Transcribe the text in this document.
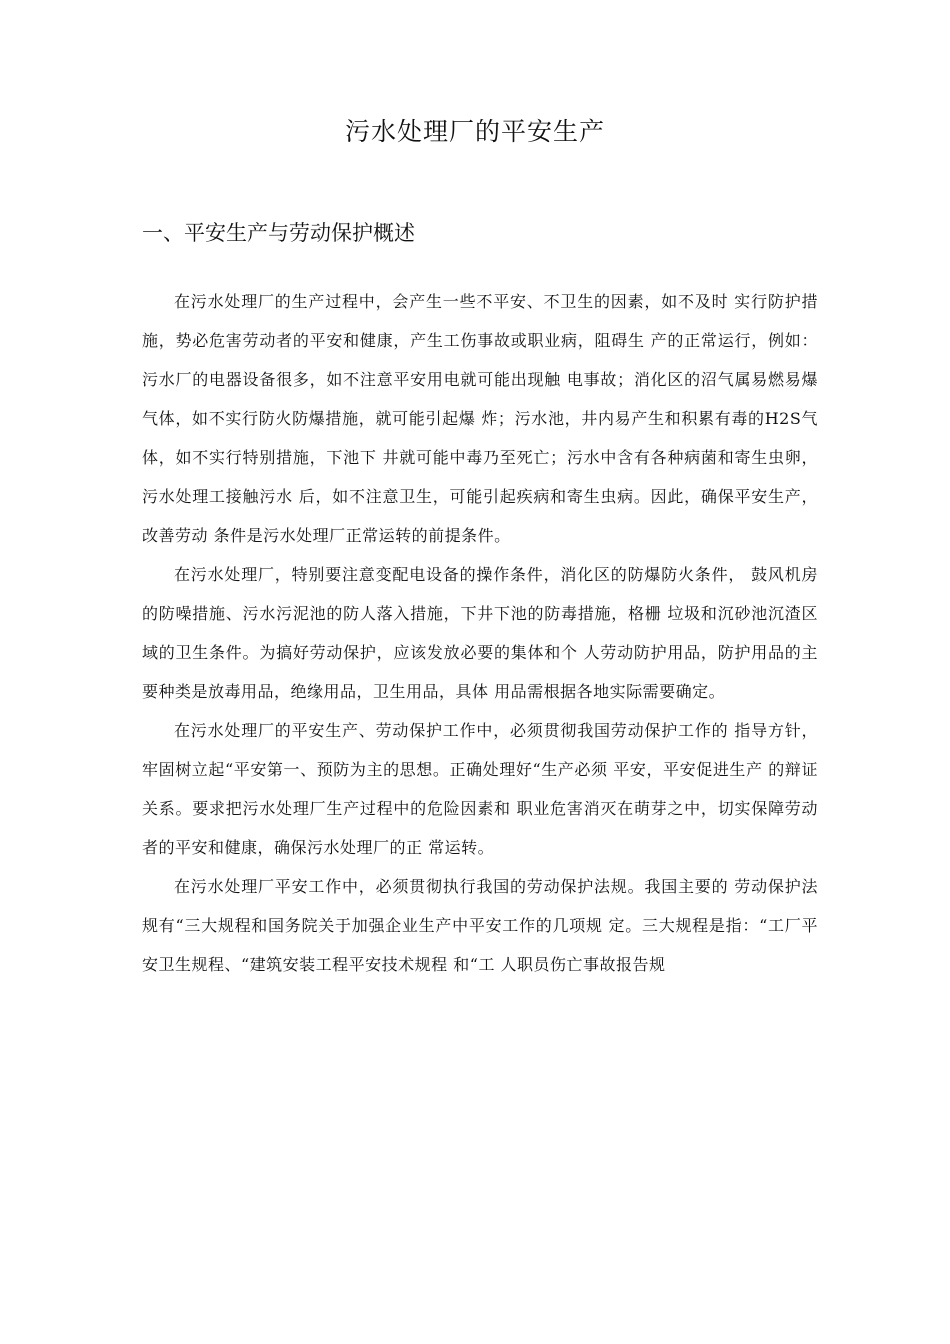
污水处理厂的平安生产
一、平安生产与劳动保护概述

在污水处理厂的生产过程中，会产生一些不平安、不卫生的因素，如不及时 实行防护措施，势必危害劳动者的平安和健康，产生工伤事故或职业病，阻碍生 产的正常运行，例如：污水厂的电器设备很多，如不注意平安用电就可能出现触 电事故；消化区的沼气属易燃易爆气体，如不实行防火防爆措施，就可能引起爆 炸；污水池，井内易产生和积累有毒的H2S气体，如不实行特别措施，下池下 井就可能中毒乃至死亡；污水中含有各种病菌和寄生虫卵，污水处理工接触污水 后，如不注意卫生，可能引起疾病和寄生虫病。因此，确保平安生产，改善劳动 条件是污水处理厂正常运转的前提条件。

在污水处理厂，特别要注意变配电设备的操作条件，消化区的防爆防火条件， 鼓风机房的防噪措施、污水污泥池的防人落入措施，下井下池的防毒措施，格栅 垃圾和沉砂池沉渣区域的卫生条件。为搞好劳动保护，应该发放必要的集体和个 人劳动防护用品，防护用品的主要种类是放毒用品，绝缘用品，卫生用品，具体 用品需根据各地实际需要确定。

在污水处理厂的平安生产、劳动保护工作中，必须贯彻我国劳动保护工作的 指导方针，牢固树立起“平安第一、预防为主的思想。正确处理好“生产必须 平安，平安促进生产 的辩证关系。要求把污水处理厂生产过程中的危险因素和 职业危害消灭在萌芽之中，切实保障劳动者的平安和健康，确保污水处理厂的正 常运转。

在污水处理厂平安工作中，必须贯彻执行我国的劳动保护法规。我国主要的 劳动保护法规有“三大规程和国务院关于加强企业生产中平安工作的几项规 定。三大规程是指：“工厂平安卫生规程、“建筑安装工程平安技术规程 和“工 人职员伤亡事故报告规
